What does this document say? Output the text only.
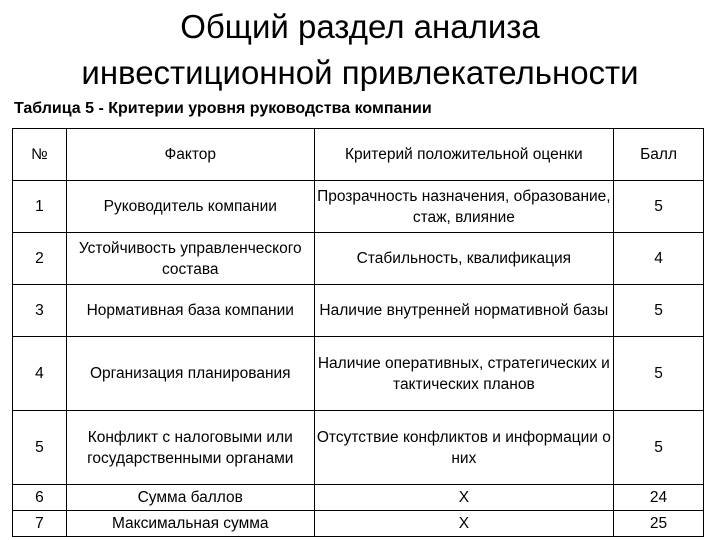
Общий раздел анализа
инвестиционной привлекательности
Таблица 5 - Критерии уровня руководства компании
№	Фактор	Критерий положительной оценки	Балл
1	Руководитель компании	Прозрачность назначения, образование, стаж, влияние	5
2	Устойчивость управленческого состава	Стабильность, квалификация	4
3	Нормативная база компании	Наличие внутренней нормативной базы	5
4	Организация планирования	Наличие оперативных, стратегических и тактических планов	5
5	Конфликт с налоговыми или государственными органами	Отсутствие конфликтов и информации о них	5
6	Сумма баллов	Х	24
7	Максимальная сумма	Х	25
